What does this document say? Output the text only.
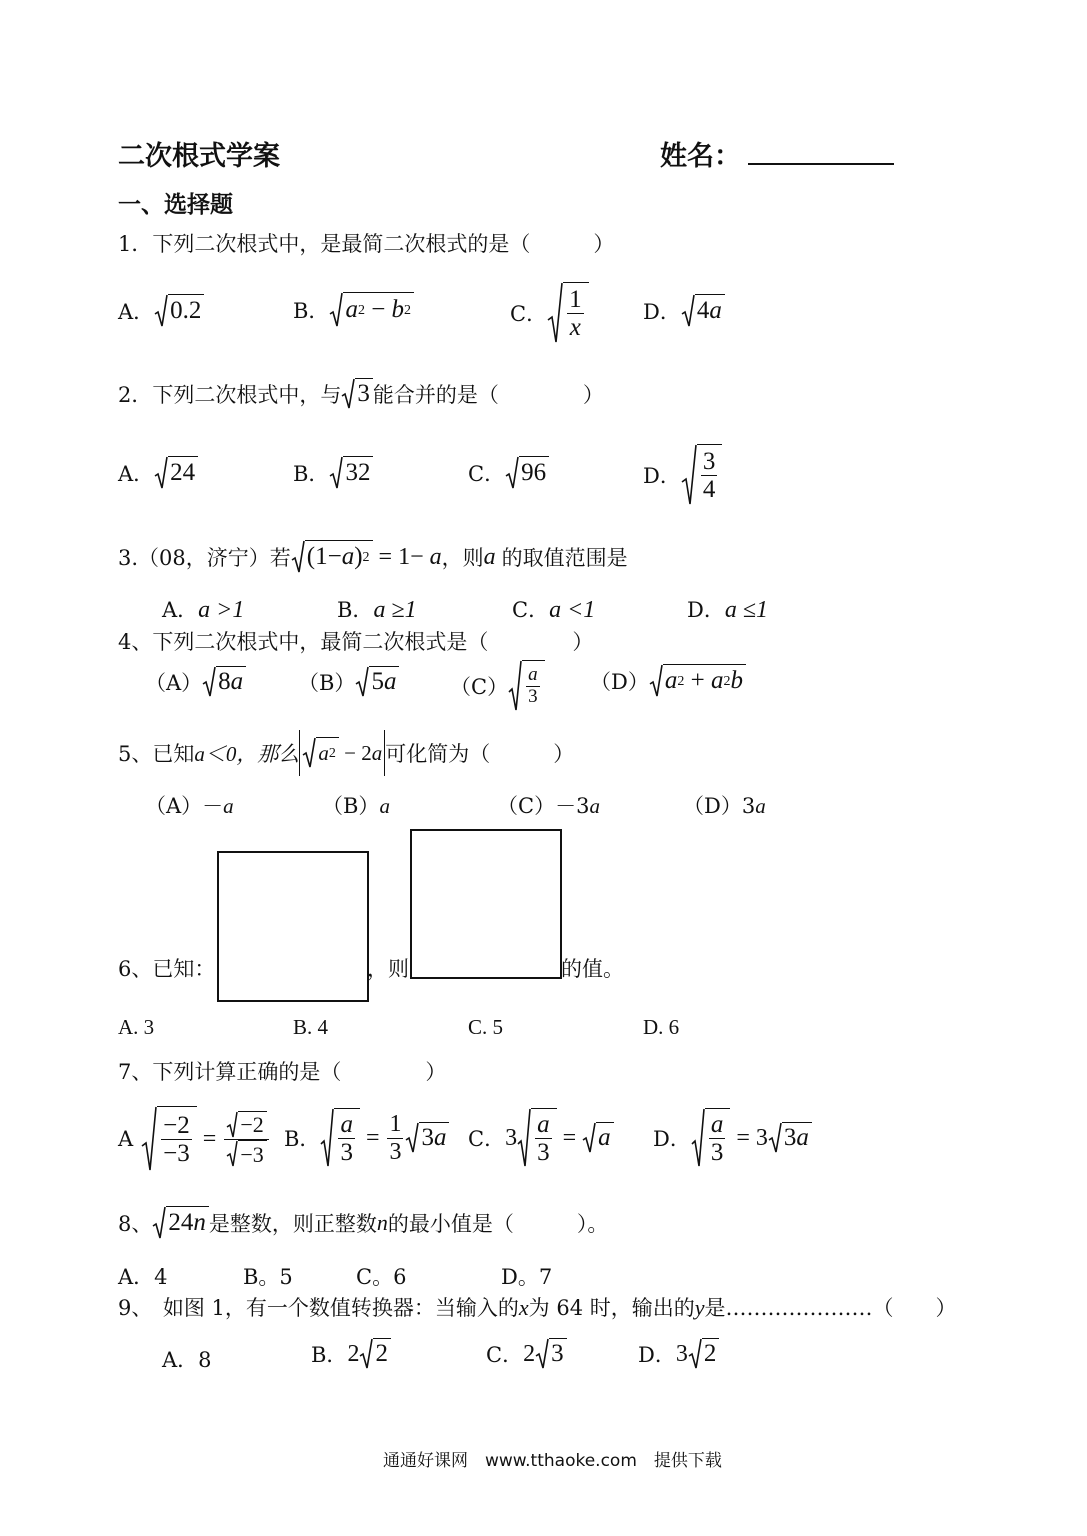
二次根式学案	姓名：
一、选择题
1．下列二次根式中，是最简二次根式的是（　　　）
A． 0.2	B． a 2 − b 2	C． $\frac{1}{x}$	D． 4 a
2．下列二次根式中，与 3 能合并的是（　　　　）
A． 24	B． 32	C． 96	D． $\frac{3}{4}$
3.（08，济宁）若 (1− a ) 2 = 1− a ，则 a 的取值范围是
A．a >1	B．a ≥1	C．a <1	D．a ≤1
4、下列二次根式中，最简二次根式是（　　　　）
（A） 8 a	（B） 5 a	$(C) \frac{a}{3} (D)$ a 2 + a 2 b
5、已知 a＜0，那么 a 2 − 2a 可化简为（　　　）
（A）－a	（B）a	（C）－3a	（D）3a
6、已知：	，则	的值。
A. 3	B. 4	C. 5	D. 6
7、下列计算正确的是（　　　　）
A $\frac{-2}{-3} = \frac{-2}{-3}$ B． $\frac{a}{3} = \frac{1}{3} 3$ a C． $3 \frac{a}{3} = a$ D． $\frac{a}{3} = 3$ 3 a
8、 24 n 是整数，则正整数 n 的最小值是（　　　）。
A．4	B。5	C。6	D。7
9、　如图 1，有一个数值转换器：当输入的x为 64 时，输出的y是…………………（　　）
A．8	B． 2 2	C． 2 3	D． 3 2
通通好课网　www.tthaoke.com　提供下载
